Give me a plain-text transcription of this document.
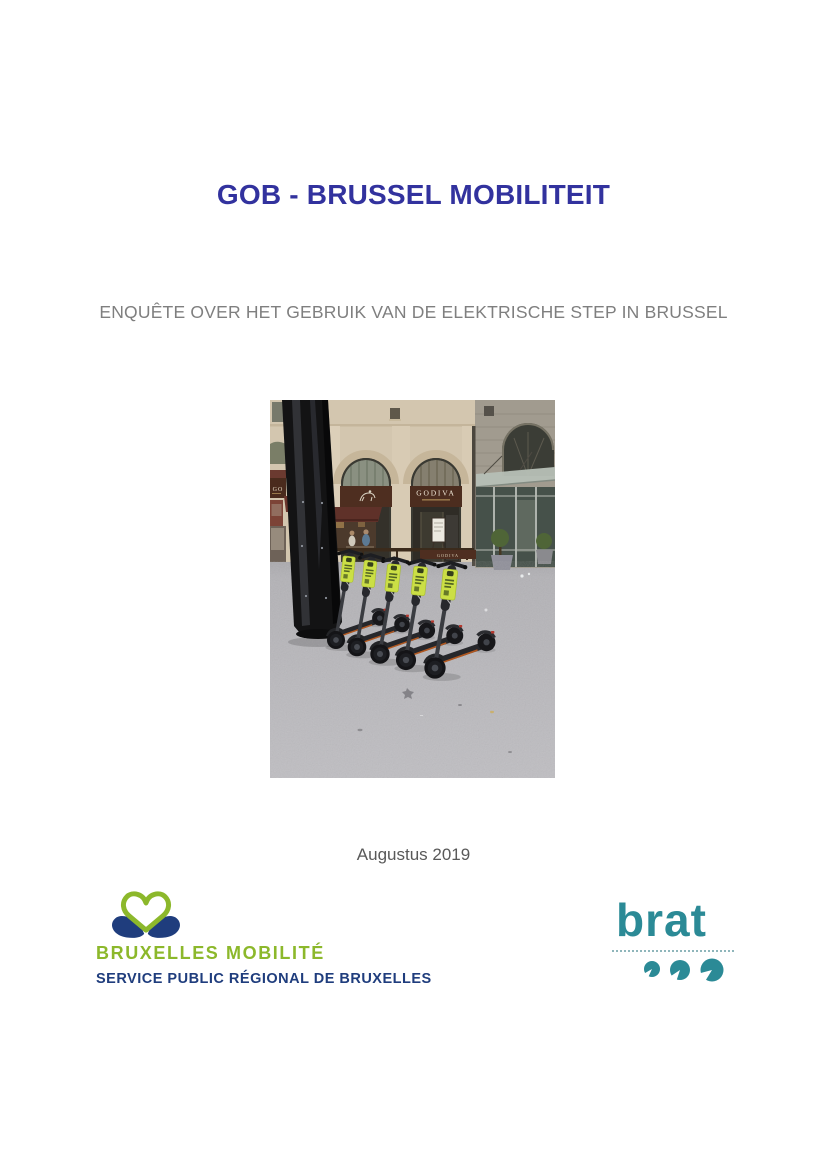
GOB - BRUSSEL MOBILITEIT
ENQUÊTE OVER HET GEBRUIK VAN DE ELEKTRISCHE STEP IN BRUSSEL
GODIVA
GO
GODIVA
Augustus 2019
BRUXELLES MOBILITÉ
SERVICE PUBLIC RÉGIONAL DE BRUXELLES
brat
